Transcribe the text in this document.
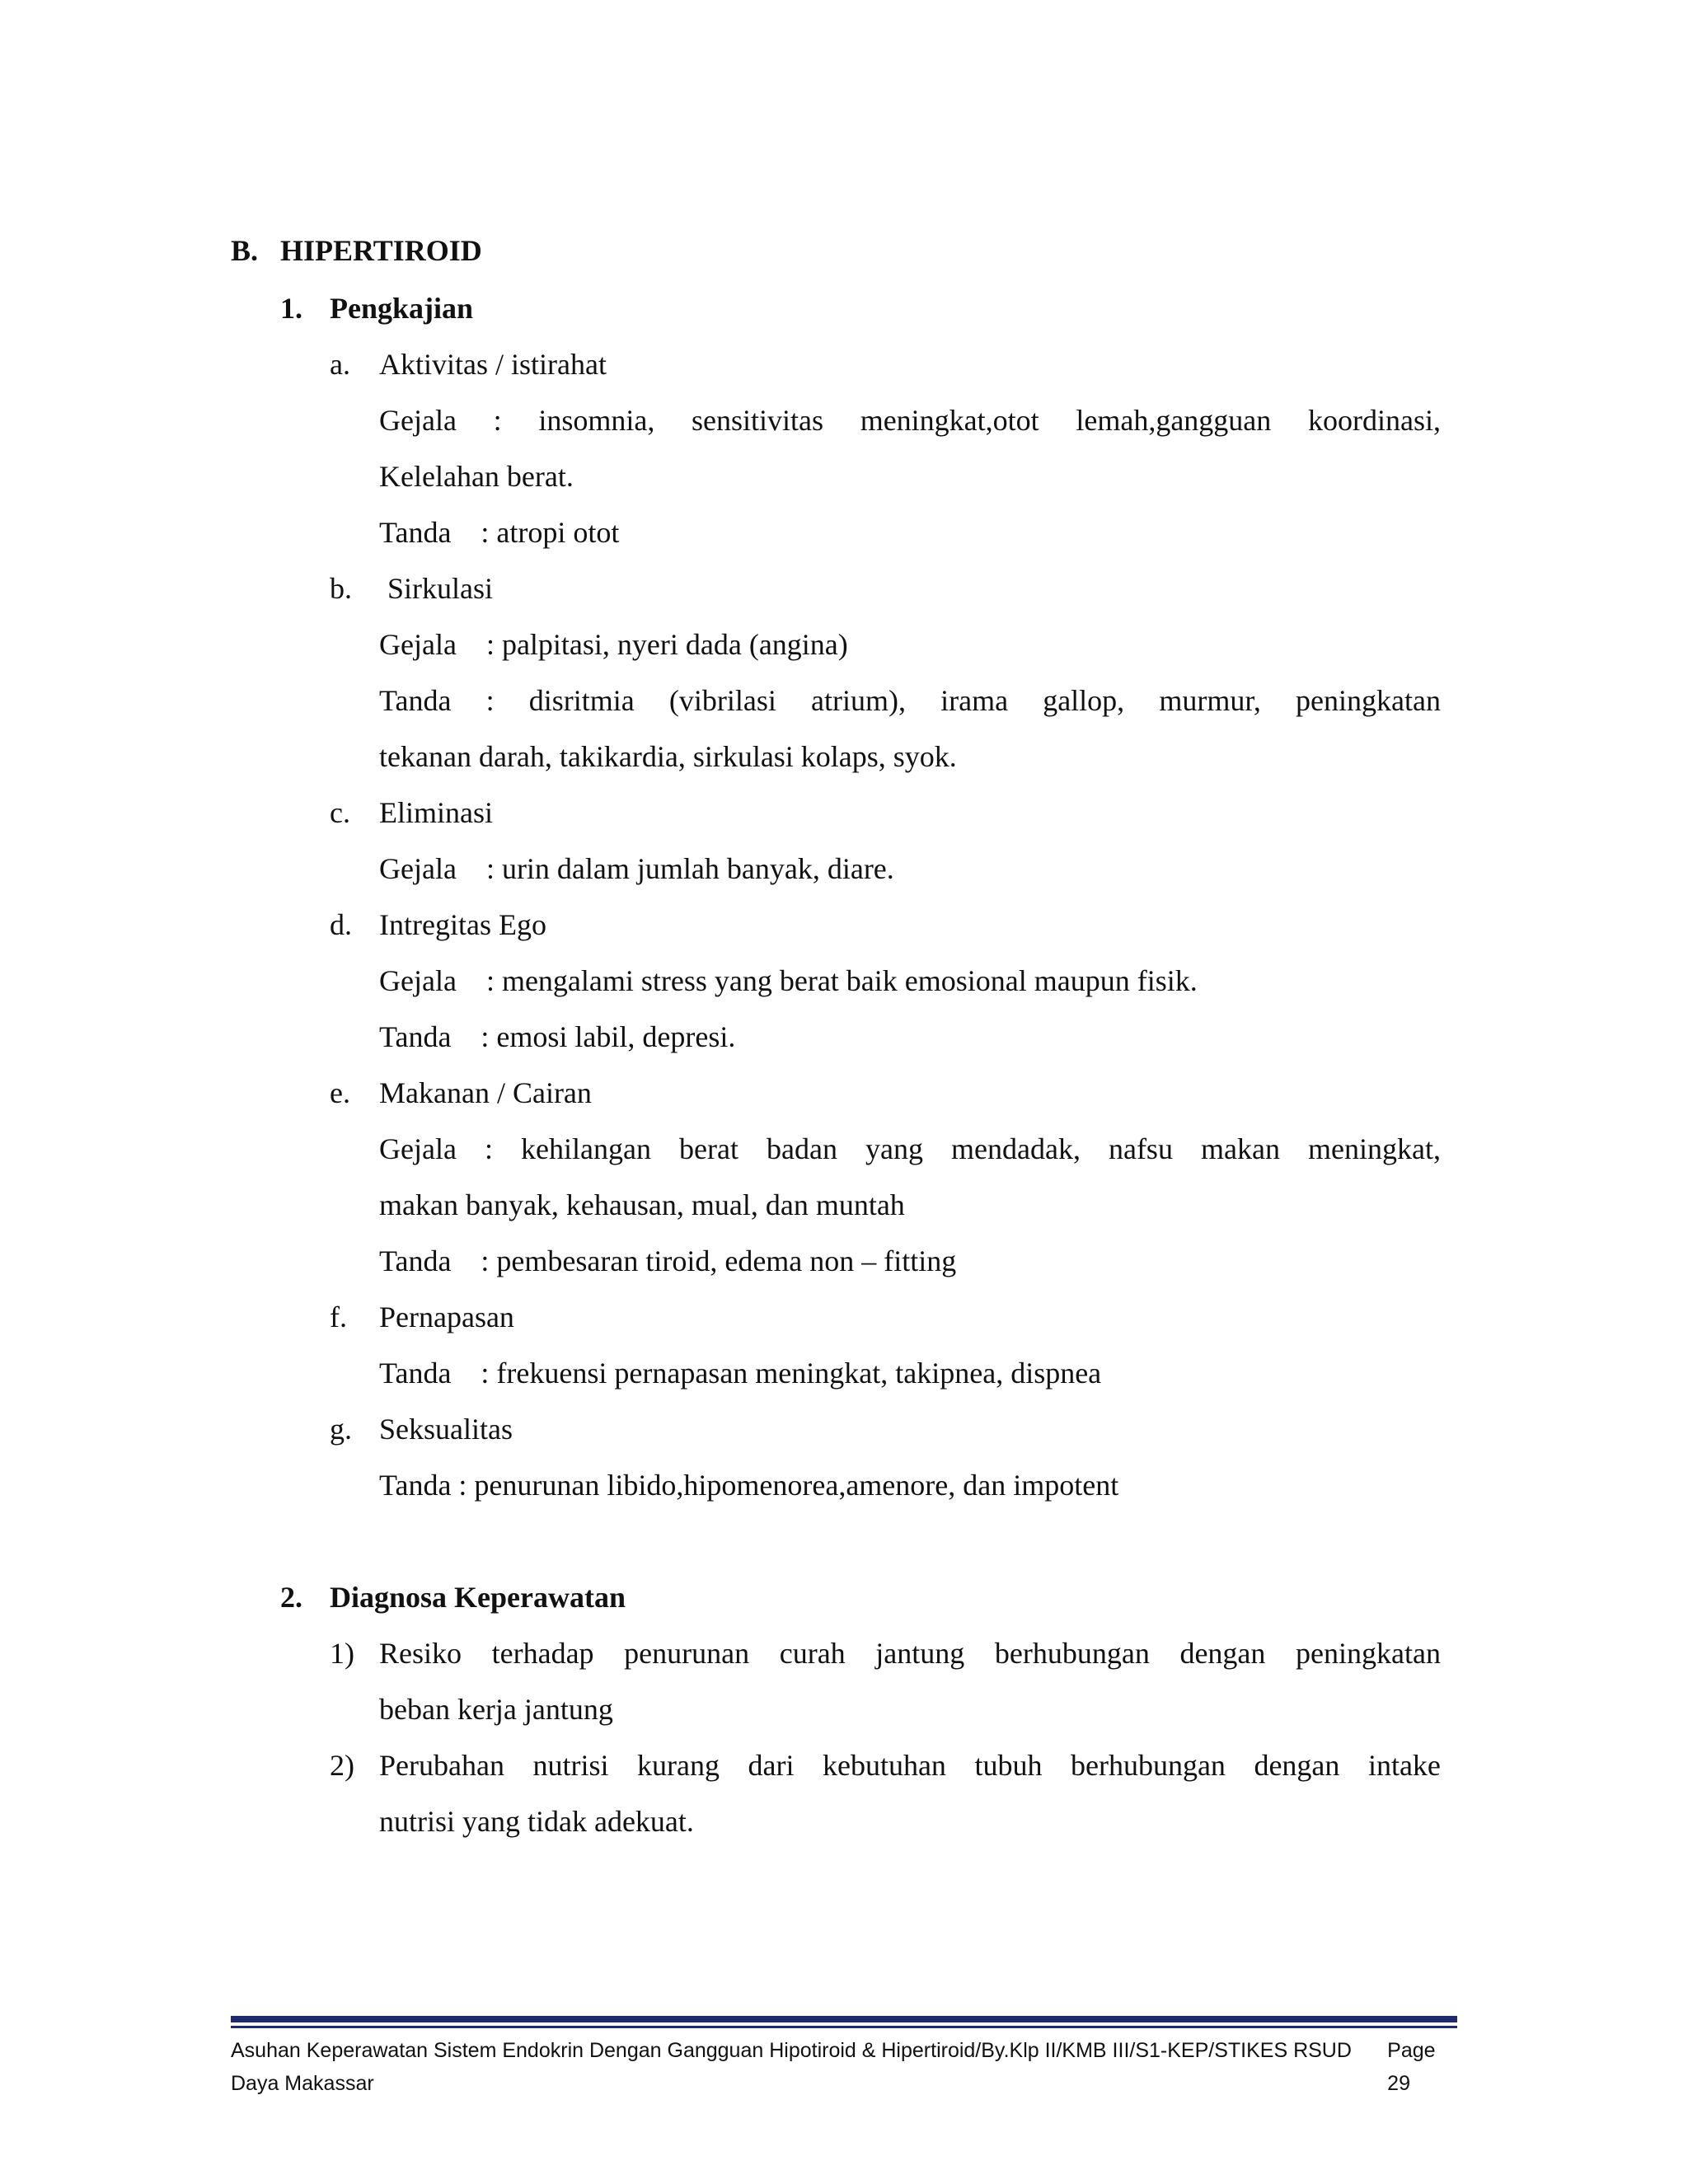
B. HIPERTIROID
1. Pengkajian
a. Aktivitas / istirahat
Gejala : insomnia, sensitivitas meningkat,otot lemah,gangguan koordinasi,
Kelelahan berat.
Tanda : atropi otot
b. Sirkulasi
Gejala : palpitasi, nyeri dada (angina)
Tanda : disritmia (vibrilasi atrium), irama gallop, murmur, peningkatan
tekanan darah, takikardia, sirkulasi kolaps, syok.
c. Eliminasi
Gejala : urin dalam jumlah banyak, diare.
d. Intregitas Ego
Gejala : mengalami stress yang berat baik emosional maupun fisik.
Tanda : emosi labil, depresi.
e. Makanan / Cairan
Gejala : kehilangan berat badan yang mendadak, nafsu makan meningkat,
makan banyak, kehausan, mual, dan muntah
Tanda : pembesaran tiroid, edema non – fitting
f. Pernapasan
Tanda : frekuensi pernapasan meningkat, takipnea, dispnea
g. Seksualitas
Tanda : penurunan libido,hipomenorea,amenore, dan impotent
2. Diagnosa Keperawatan
1) Resiko terhadap penurunan curah jantung berhubungan dengan peningkatan
beban kerja jantung
2) Perubahan nutrisi kurang dari kebutuhan tubuh berhubungan dengan intake
nutrisi yang tidak adekuat.
Asuhan Keperawatan Sistem Endokrin Dengan Gangguan Hipotiroid & Hipertiroid/By.Klp II/KMB III/S1-KEP/STIKES RSUD Daya Makassar
Page 29
